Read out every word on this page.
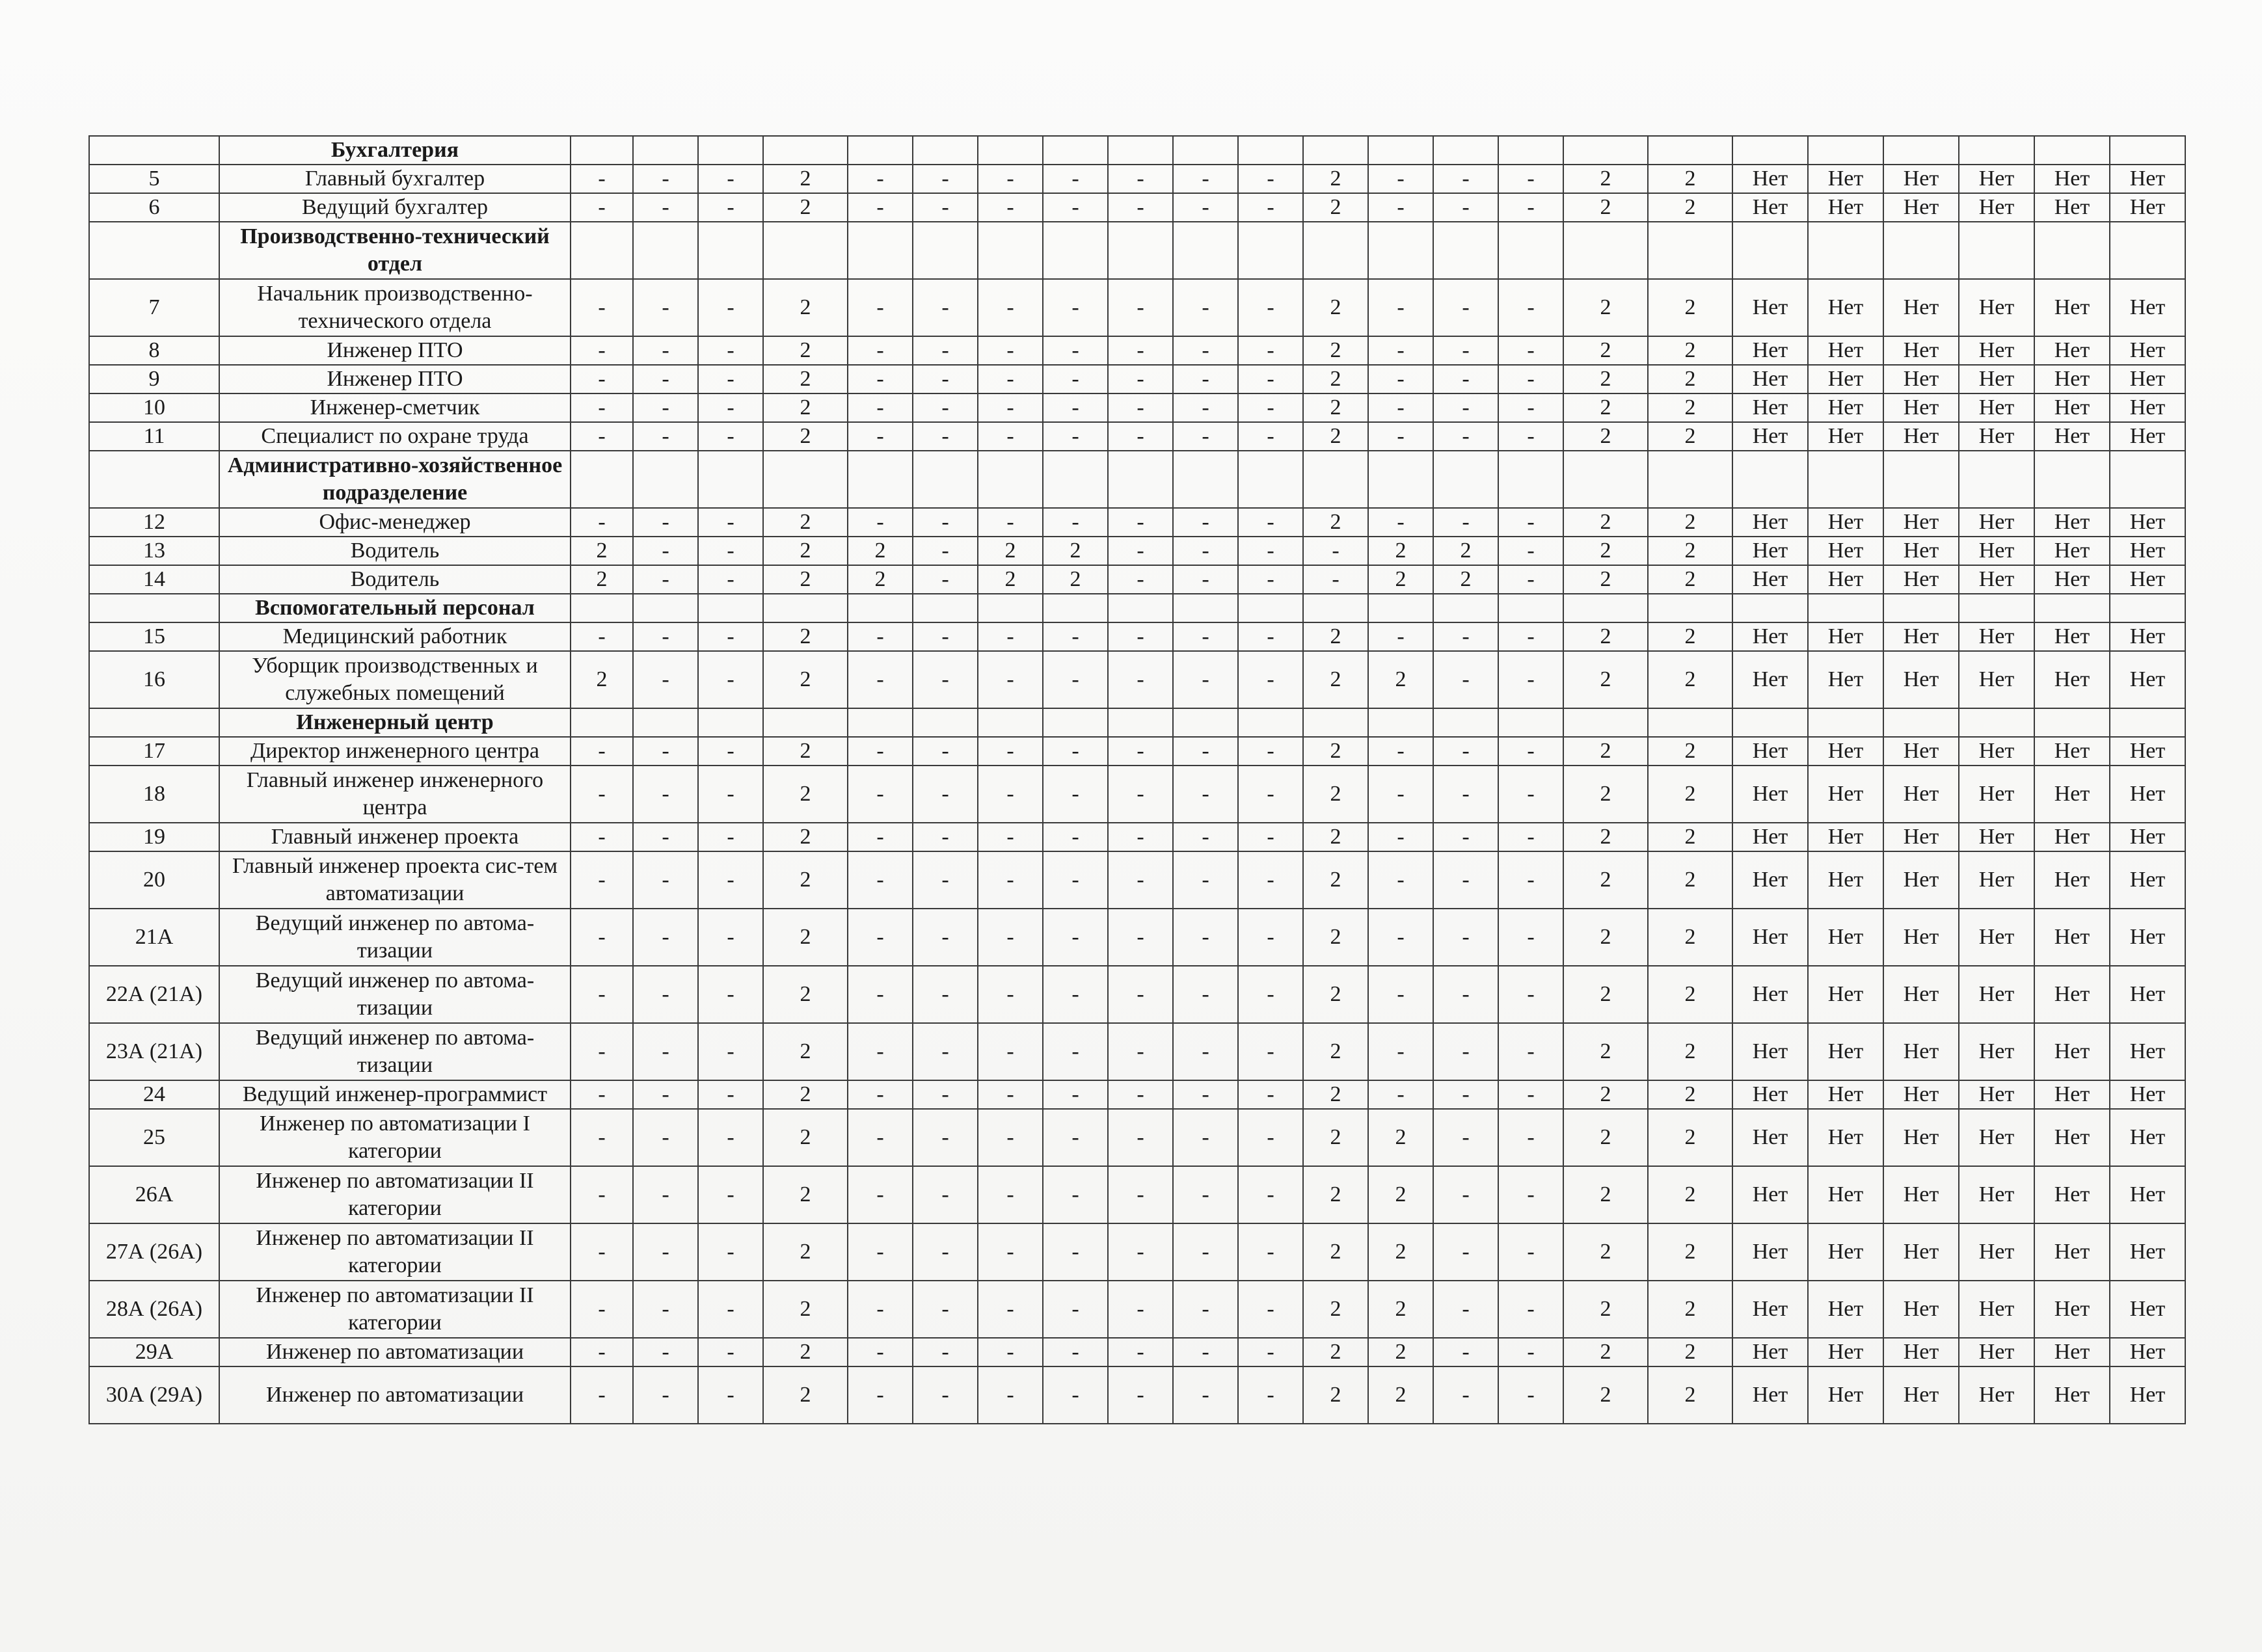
	Бухгалтерия																							
5	Главный бухгалтер	-	-	-	2	-	-	-	-	-	-	-	2	-	-	-	2	2	Нет	Нет	Нет	Нет	Нет	Нет
6	Ведущий бухгалтер	-	-	-	2	-	-	-	-	-	-	-	2	-	-	-	2	2	Нет	Нет	Нет	Нет	Нет	Нет
	Производственно-технический отдел																							
7	Начальник производственно-технического отдела	-	-	-	2	-	-	-	-	-	-	-	2	-	-	-	2	2	Нет	Нет	Нет	Нет	Нет	Нет
8	Инженер ПТО	-	-	-	2	-	-	-	-	-	-	-	2	-	-	-	2	2	Нет	Нет	Нет	Нет	Нет	Нет
9	Инженер ПТО	-	-	-	2	-	-	-	-	-	-	-	2	-	-	-	2	2	Нет	Нет	Нет	Нет	Нет	Нет
10	Инженер-сметчик	-	-	-	2	-	-	-	-	-	-	-	2	-	-	-	2	2	Нет	Нет	Нет	Нет	Нет	Нет
11	Специалист по охране труда	-	-	-	2	-	-	-	-	-	-	-	2	-	-	-	2	2	Нет	Нет	Нет	Нет	Нет	Нет
	Административно-хозяйственное подразделение																							
12	Офис-менеджер	-	-	-	2	-	-	-	-	-	-	-	2	-	-	-	2	2	Нет	Нет	Нет	Нет	Нет	Нет
13	Водитель	2	-	-	2	2	-	2	2	-	-	-	-	2	2	-	2	2	Нет	Нет	Нет	Нет	Нет	Нет
14	Водитель	2	-	-	2	2	-	2	2	-	-	-	-	2	2	-	2	2	Нет	Нет	Нет	Нет	Нет	Нет
	Вспомогательный персонал																							
15	Медицинский работник	-	-	-	2	-	-	-	-	-	-	-	2	-	-	-	2	2	Нет	Нет	Нет	Нет	Нет	Нет
16	Уборщик производственных и служебных помещений	2	-	-	2	-	-	-	-	-	-	-	2	2	-	-	2	2	Нет	Нет	Нет	Нет	Нет	Нет
	Инженерный центр																							
17	Директор инженерного центра	-	-	-	2	-	-	-	-	-	-	-	2	-	-	-	2	2	Нет	Нет	Нет	Нет	Нет	Нет
18	Главный инженер инженерного центра	-	-	-	2	-	-	-	-	-	-	-	2	-	-	-	2	2	Нет	Нет	Нет	Нет	Нет	Нет
19	Главный инженер проекта	-	-	-	2	-	-	-	-	-	-	-	2	-	-	-	2	2	Нет	Нет	Нет	Нет	Нет	Нет
20	Главный инженер проекта сис-тем автоматизации	-	-	-	2	-	-	-	-	-	-	-	2	-	-	-	2	2	Нет	Нет	Нет	Нет	Нет	Нет
21А	Ведущий инженер по автома-тизации	-	-	-	2	-	-	-	-	-	-	-	2	-	-	-	2	2	Нет	Нет	Нет	Нет	Нет	Нет
22А (21А)	Ведущий инженер по автома-тизации	-	-	-	2	-	-	-	-	-	-	-	2	-	-	-	2	2	Нет	Нет	Нет	Нет	Нет	Нет
23А (21А)	Ведущий инженер по автома-тизации	-	-	-	2	-	-	-	-	-	-	-	2	-	-	-	2	2	Нет	Нет	Нет	Нет	Нет	Нет
24	Ведущий инженер-программист	-	-	-	2	-	-	-	-	-	-	-	2	-	-	-	2	2	Нет	Нет	Нет	Нет	Нет	Нет
25	Инженер по автоматизации I категории	-	-	-	2	-	-	-	-	-	-	-	2	2	-	-	2	2	Нет	Нет	Нет	Нет	Нет	Нет
26А	Инженер по автоматизации II категории	-	-	-	2	-	-	-	-	-	-	-	2	2	-	-	2	2	Нет	Нет	Нет	Нет	Нет	Нет
27А (26А)	Инженер по автоматизации II категории	-	-	-	2	-	-	-	-	-	-	-	2	2	-	-	2	2	Нет	Нет	Нет	Нет	Нет	Нет
28А (26А)	Инженер по автоматизации II категории	-	-	-	2	-	-	-	-	-	-	-	2	2	-	-	2	2	Нет	Нет	Нет	Нет	Нет	Нет
29А	Инженер по автоматизации	-	-	-	2	-	-	-	-	-	-	-	2	2	-	-	2	2	Нет	Нет	Нет	Нет	Нет	Нет
30А (29А)	Инженер по автоматизации	-	-	-	2	-	-	-	-	-	-	-	2	2	-	-	2	2	Нет	Нет	Нет	Нет	Нет	Нет
